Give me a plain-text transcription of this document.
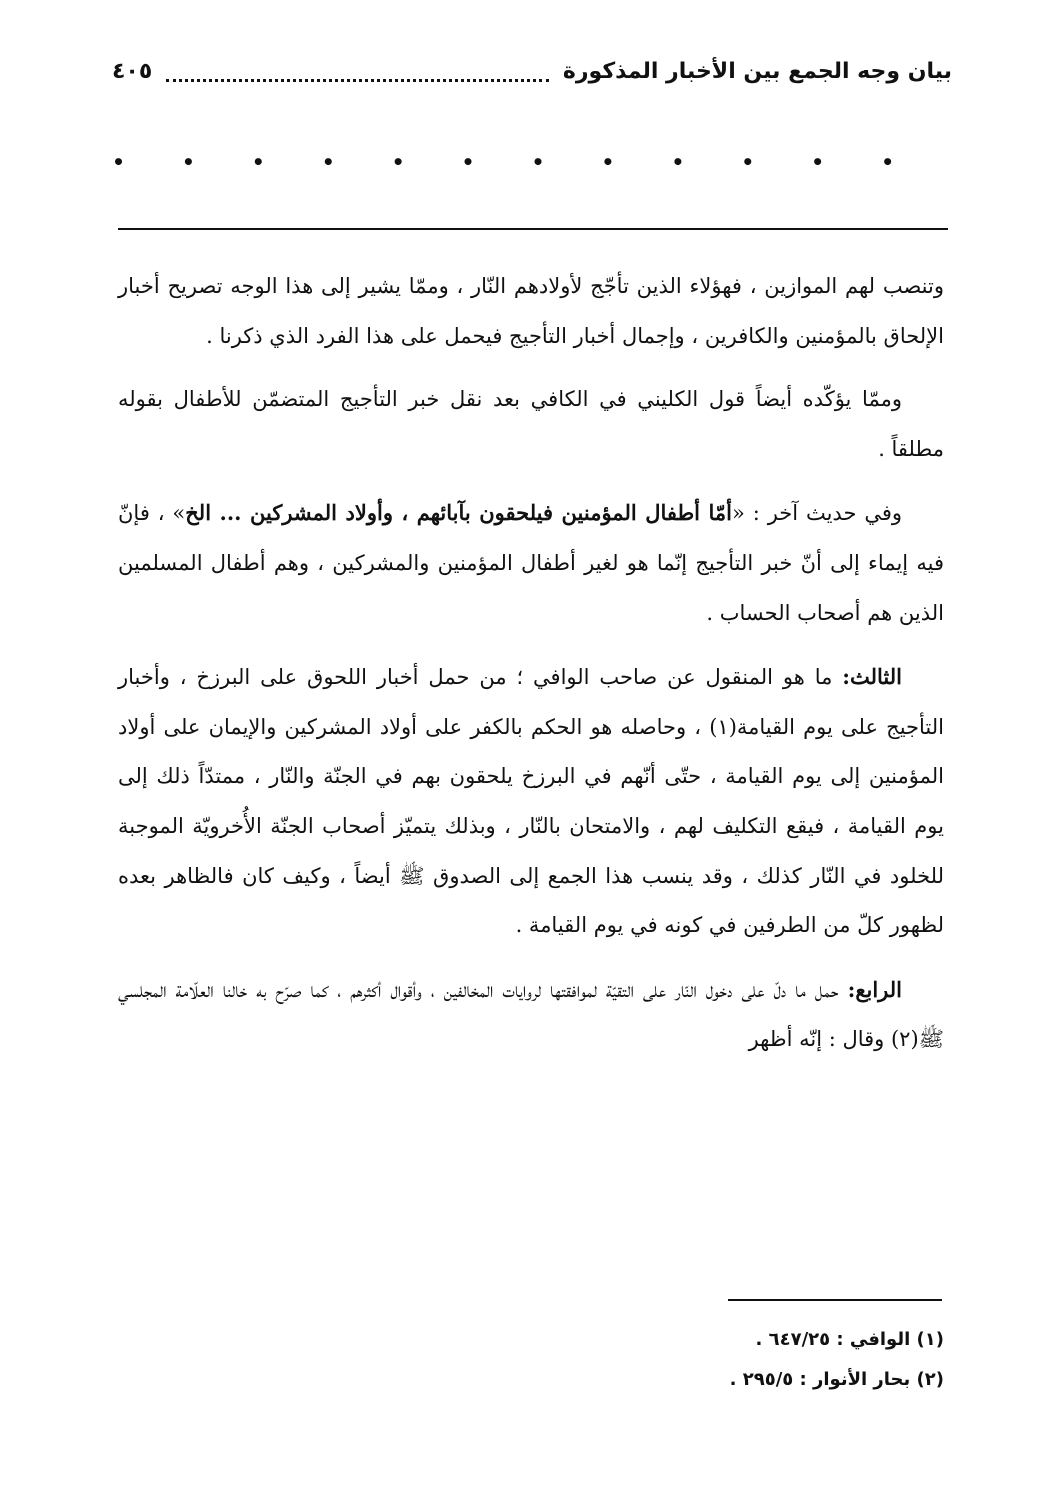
بيان وجه الجمع بين الأخبار المذكورة
٤٠٥
•
•
•
•
•
•
•
•
•
•
•
•

وتنصب لهم الموازين ، فهؤلاء الذين تأجّج لأولادهم النّار ، وممّا يشير إلى هذا الوجه تصريح أخبار الإلحاق بالمؤمنين والكافرين ، وإجمال أخبار التأجيج فيحمل على هذا الفرد الذي ذكرنا .

وممّا يؤكّده أيضاً قول الكليني في الكافي بعد نقل خبر التأجيج المتضمّن للأطفال بقوله مطلقاً .

وفي حديث آخر : «أمّا أطفال المؤمنين فيلحقون بآبائهم ، وأولاد المشركين ... الخ» ، فإنّ فيه إيماء إلى أنّ خبر التأجيج إنّما هو لغير أطفال المؤمنين والمشركين ، وهم أطفال المسلمين الذين هم أصحاب الحساب .

الثالث: ما هو المنقول عن صاحب الوافي ؛ من حمل أخبار اللحوق على البرزخ ، وأخبار التأجيج على يوم القيامة(١) ، وحاصله هو الحكم بالكفر على أولاد المشركين والإيمان على أولاد المؤمنين إلى يوم القيامة ، حتّى أنّهم في البرزخ يلحقون بهم في الجنّة والنّار ، ممتدّاً ذلك إلى يوم القيامة ، فيقع التكليف لهم ، والامتحان بالنّار ، وبذلك يتميّز أصحاب الجنّة الأُخرويّة الموجبة للخلود في النّار كذلك ، وقد ينسب هذا الجمع إلى الصدوق ﷺ أيضاً ، وكيف كان فالظاهر بعده لظهور كلّ من الطرفين في كونه في يوم القيامة .

الرابع: حمل ما دلّ على دخول النّار على التقيّة لموافقتها لروايات المخالفين ، وأقوال أكثرهم ، كما صرّح به خالنا العلّامة المجلسي ﷺ(٢) وقال : إنّه أظهر

(١) الوافي : ٦٤٧/٢٥ .
(٢) بحار الأنوار : ٢٩٥/٥ .
